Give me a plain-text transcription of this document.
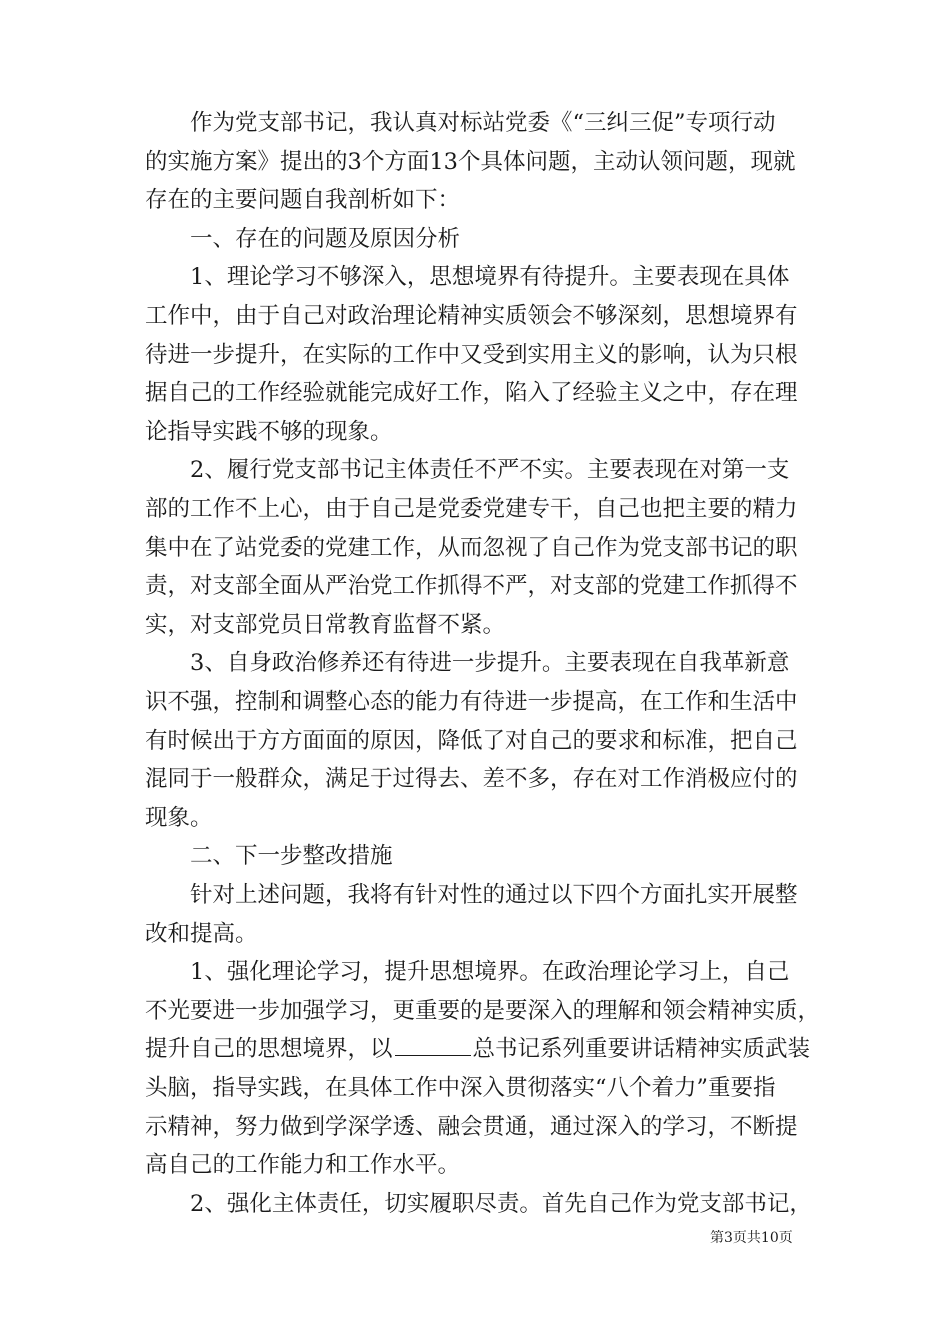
　　作为党支部书记，我认真对标站党委《“三纠三促”专项行动
的实施方案》提出的3个方面13个具体问题，主动认领问题，现就
存在的主要问题自我剖析如下：
　　一、存在的问题及原因分析
　　1、理论学习不够深入，思想境界有待提升。主要表现在具体
工作中，由于自己对政治理论精神实质领会不够深刻，思想境界有
待进一步提升，在实际的工作中又受到实用主义的影响，认为只根
据自己的工作经验就能完成好工作，陷入了经验主义之中，存在理
论指导实践不够的现象。
　　2、履行党支部书记主体责任不严不实。主要表现在对第一支
部的工作不上心，由于自己是党委党建专干，自己也把主要的精力
集中在了站党委的党建工作，从而忽视了自己作为党支部书记的职
责，对支部全面从严治党工作抓得不严，对支部的党建工作抓得不
实，对支部党员日常教育监督不紧。
　　3、自身政治修养还有待进一步提升。主要表现在自我革新意
识不强，控制和调整心态的能力有待进一步提高，在工作和生活中
有时候出于方方面面的原因，降低了对自己的要求和标准，把自己
混同于一般群众，满足于过得去、差不多，存在对工作消极应付的
现象。
　　二、下一步整改措施
　　针对上述问题，我将有针对性的通过以下四个方面扎实开展整
改和提高。
　　1、强化理论学习，提升思想境界。在政治理论学习上，自己
不光要进一步加强学习，更重要的是要深入的理解和领会精神实质，
提升自己的思想境界，以	总书记系列重要讲话精神实质武装
头脑，指导实践，在具体工作中深入贯彻落实“八个着力”重要指
示精神，努力做到学深学透、融会贯通，通过深入的学习，不断提
高自己的工作能力和工作水平。
　　2、强化主体责任，切实履职尽责。首先自己作为党支部书记，
第3页共10页
